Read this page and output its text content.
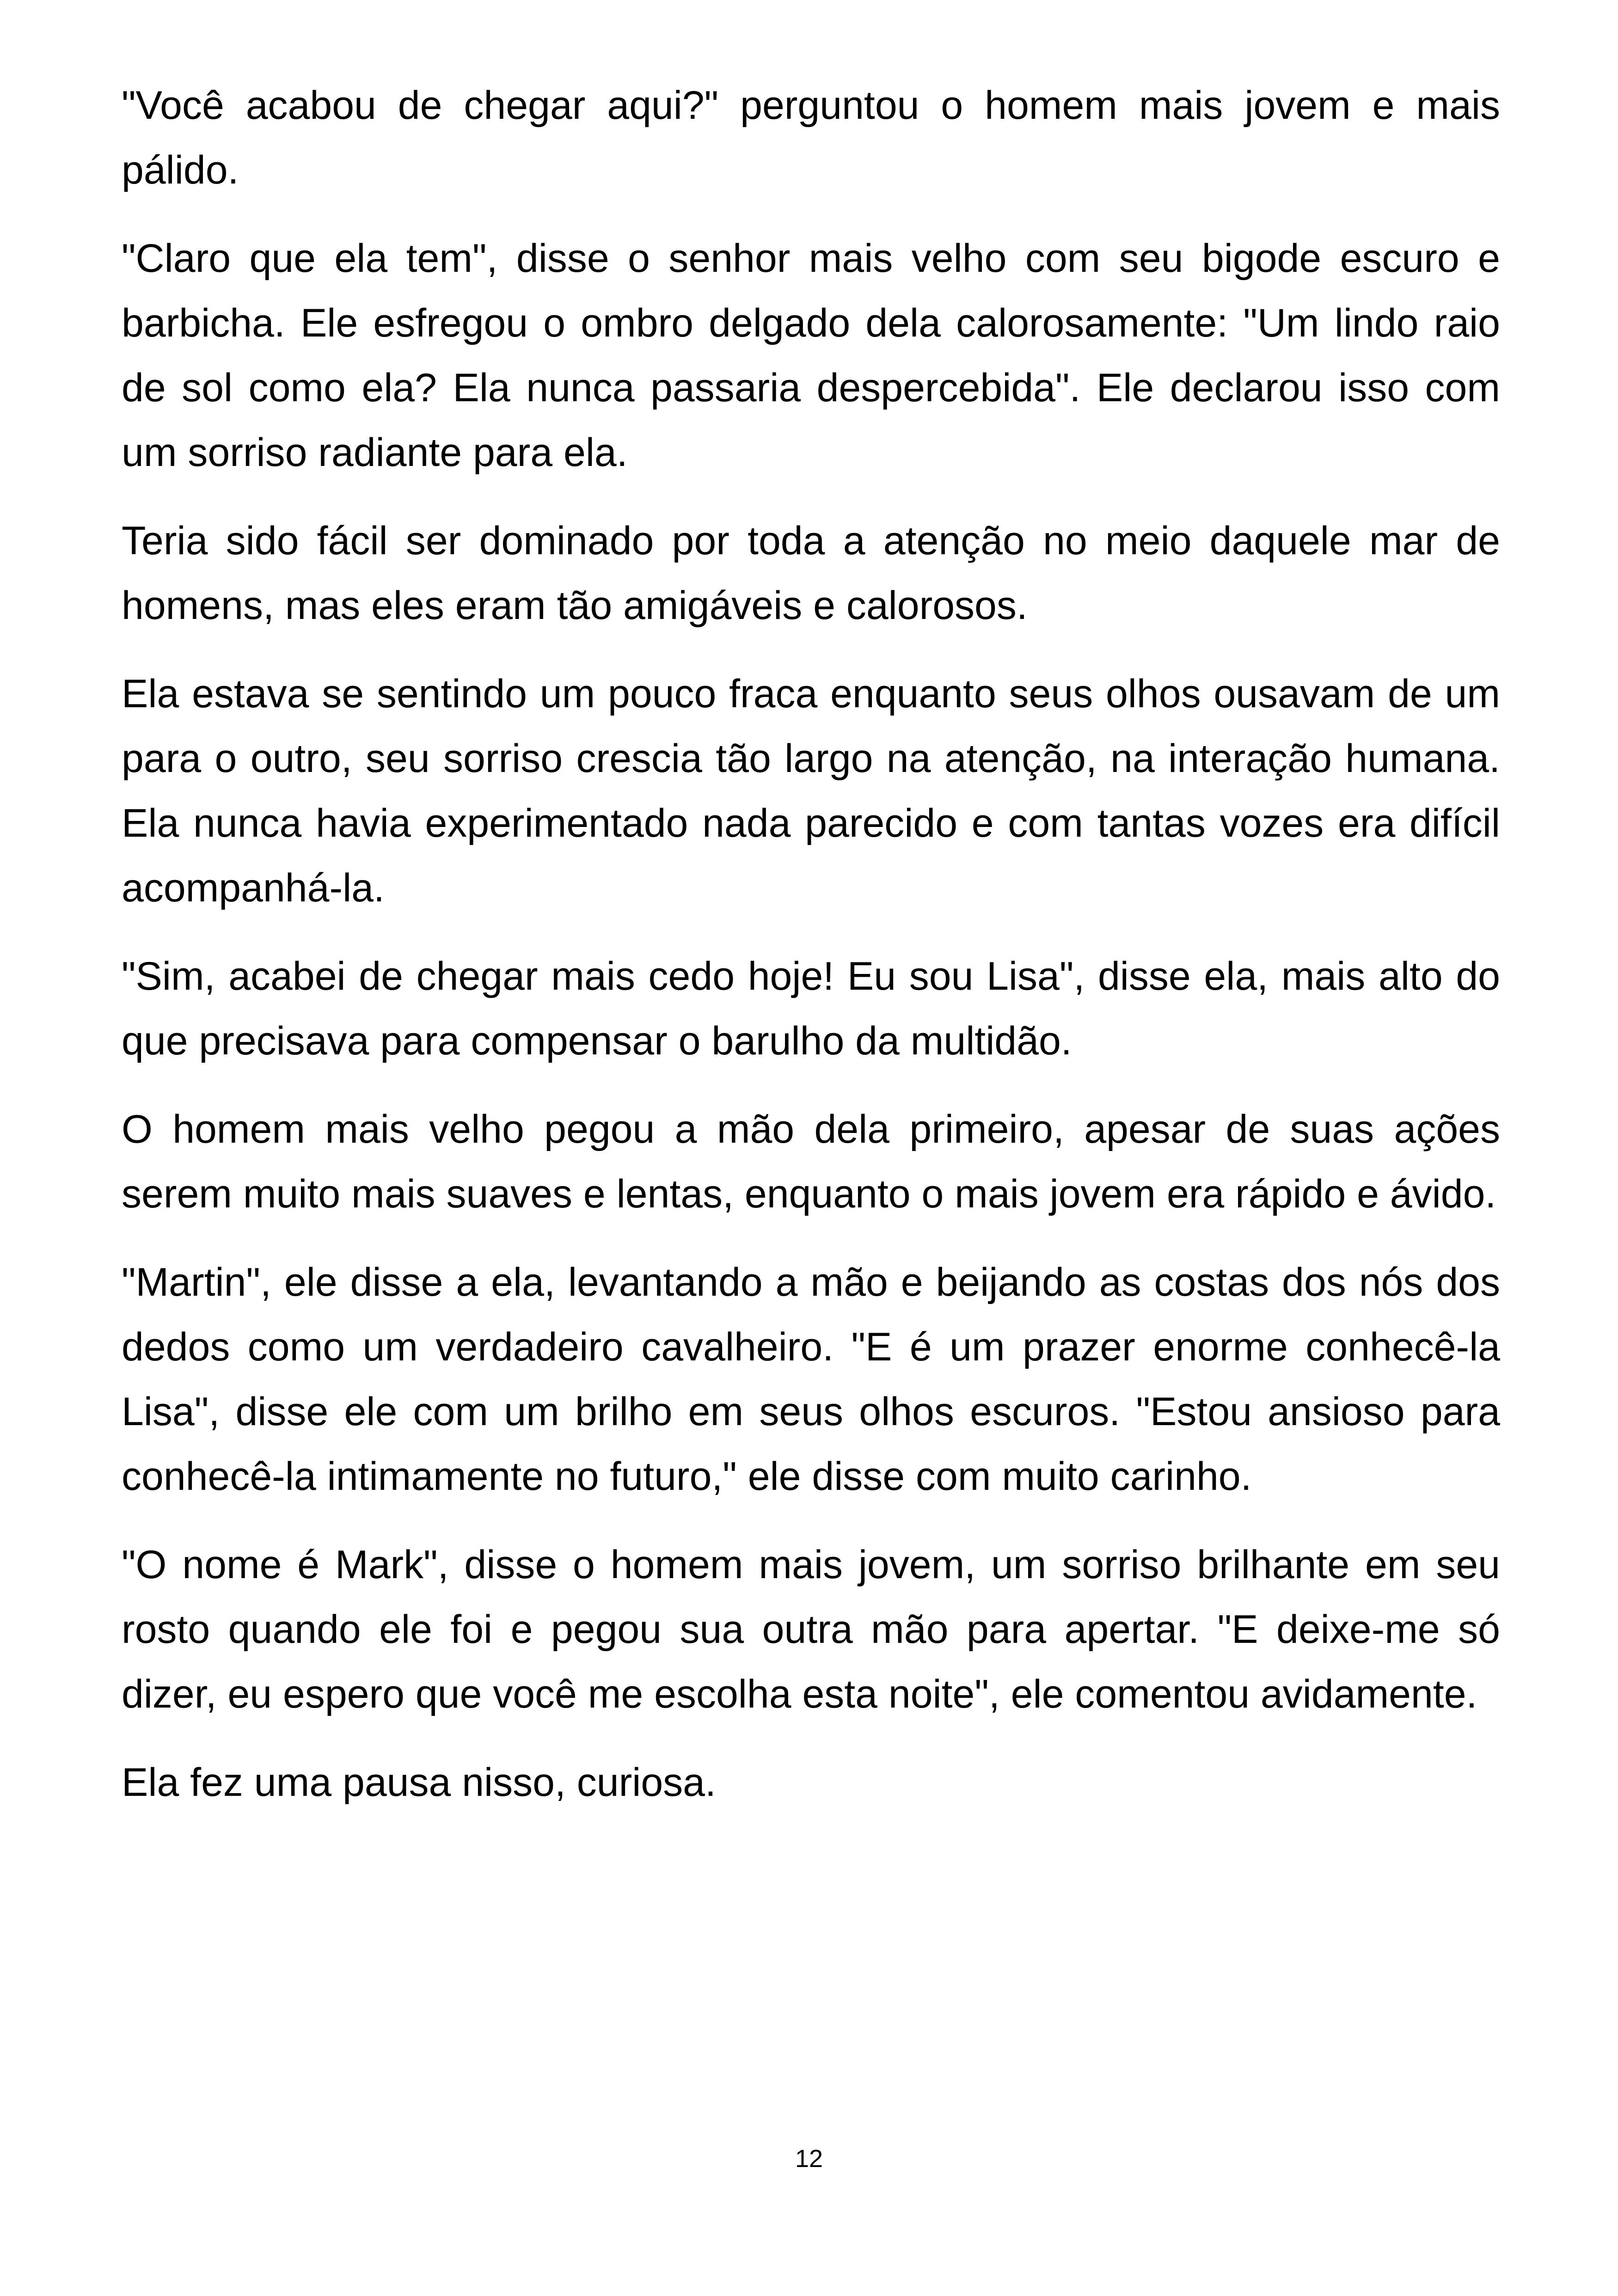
"Você acabou de chegar aqui?" perguntou o homem mais jovem e mais pálido.

"Claro que ela tem", disse o senhor mais velho com seu bigode escuro e barbicha. Ele esfregou o ombro delgado dela calorosamente: "Um lindo raio de sol como ela? Ela nunca passaria despercebida". Ele declarou isso com um sorriso radiante para ela.

Teria sido fácil ser dominado por toda a atenção no meio daquele mar de homens, mas eles eram tão amigáveis e calorosos.

Ela estava se sentindo um pouco fraca enquanto seus olhos ousavam de um para o outro, seu sorriso crescia tão largo na atenção, na interação humana. Ela nunca havia experimentado nada parecido e com tantas vozes era difícil acompanhá-la.

"Sim, acabei de chegar mais cedo hoje! Eu sou Lisa", disse ela, mais alto do que precisava para compensar o barulho da multidão.

O homem mais velho pegou a mão dela primeiro, apesar de suas ações serem muito mais suaves e lentas, enquanto o mais jovem era rápido e ávido.

"Martin", ele disse a ela, levantando a mão e beijando as costas dos nós dos dedos como um verdadeiro cavalheiro. "E é um prazer enorme conhecê-la Lisa", disse ele com um brilho em seus olhos escuros. "Estou ansioso para conhecê-la intimamente no futuro," ele disse com muito carinho.

"O nome é Mark", disse o homem mais jovem, um sorriso brilhante em seu rosto quando ele foi e pegou sua outra mão para apertar. "E deixe-me só dizer, eu espero que você me escolha esta noite", ele comentou avidamente.

Ela fez uma pausa nisso, curiosa.

12
